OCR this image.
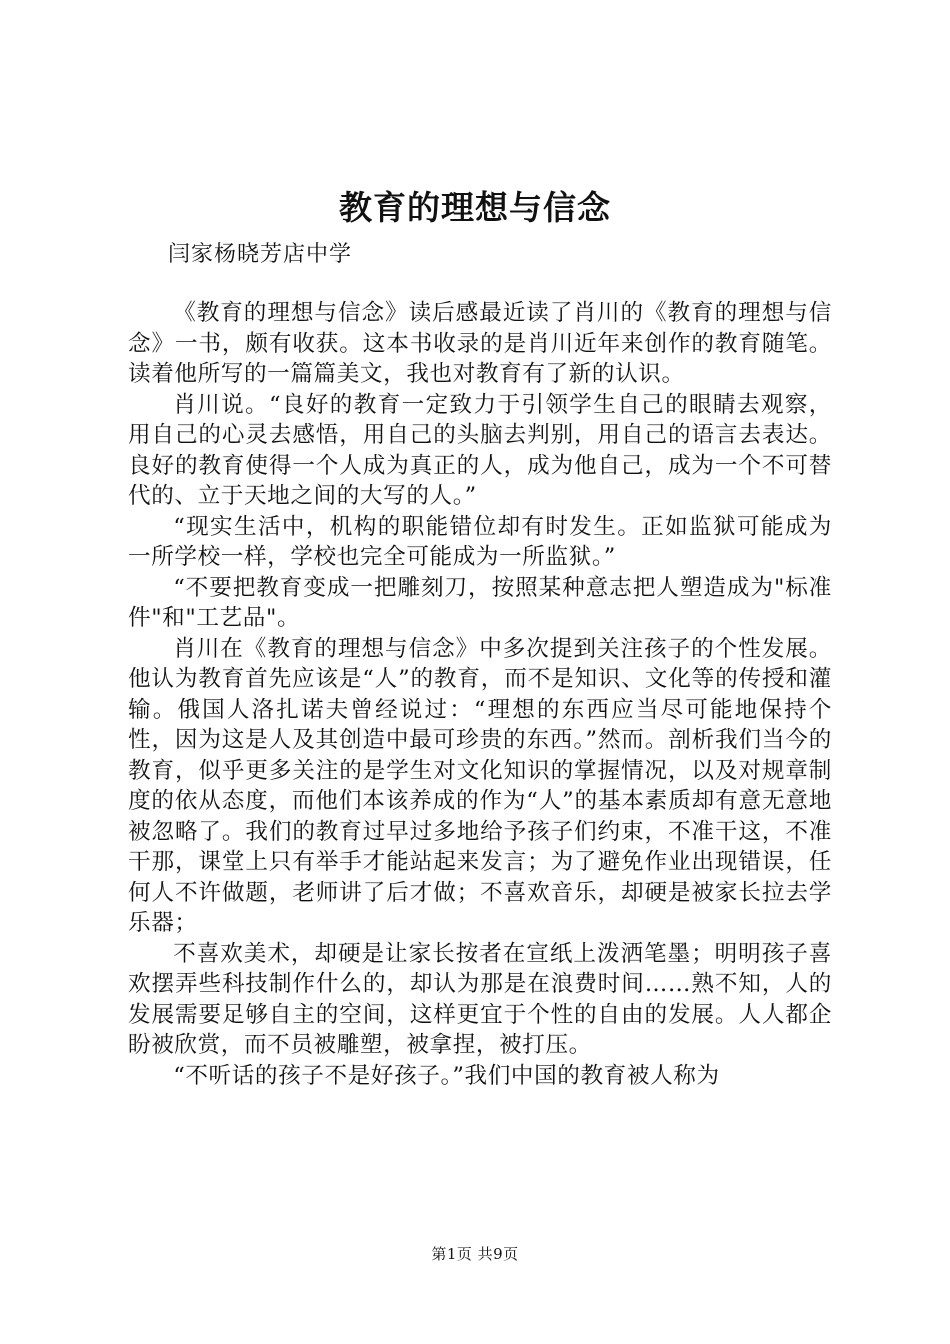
教育的理想与信念
闫家杨晓芳店中学

《教育的理想与信念》读后感最近读了肖川的《教育的理想与信念》一书，颇有收获。这本书收录的是肖川近年来创作的教育随笔。读着他所写的一篇篇美文，我也对教育有了新的认识。

肖川说。“良好的教育一定致力于引领学生自己的眼睛去观察，用自己的心灵去感悟，用自己的头脑去判别，用自己的语言去表达。良好的教育使得一个人成为真正的人，成为他自己，成为一个不可替代的、立于天地之间的大写的人。”

“现实生活中，机构的职能错位却有时发生。正如监狱可能成为一所学校一样，学校也完全可能成为一所监狱。”

“不要把教育变成一把雕刻刀，按照某种意志把人塑造成为"标准件"和"工艺品"。

肖川在《教育的理想与信念》中多次提到关注孩子的个性发展。他认为教育首先应该是“人”的教育，而不是知识、文化等的传授和灌输。俄国人洛扎诺夫曾经说过：“理想的东西应当尽可能地保持个性，因为这是人及其创造中最可珍贵的东西。”然而。剖析我们当今的教育，似乎更多关注的是学生对文化知识的掌握情况，以及对规章制度的依从态度，而他们本该养成的作为“人”的基本素质却有意无意地被忽略了。我们的教育过早过多地给予孩子们约束，不准干这，不准干那，课堂上只有举手才能站起来发言；为了避免作业出现错误，任何人不许做题，老师讲了后才做；不喜欢音乐，却硬是被家长拉去学乐器；

不喜欢美术，却硬是让家长按者在宣纸上泼洒笔墨；明明孩子喜欢摆弄些科技制作什么的，却认为那是在浪费时间……熟不知，人的发展需要足够自主的空间，这样更宜于个性的自由的发展。人人都企盼被欣赏，而不员被雕塑，被拿捏，被打压。

“不听话的孩子不是好孩子。”我们中国的教育被人称为

第1页 共9页
